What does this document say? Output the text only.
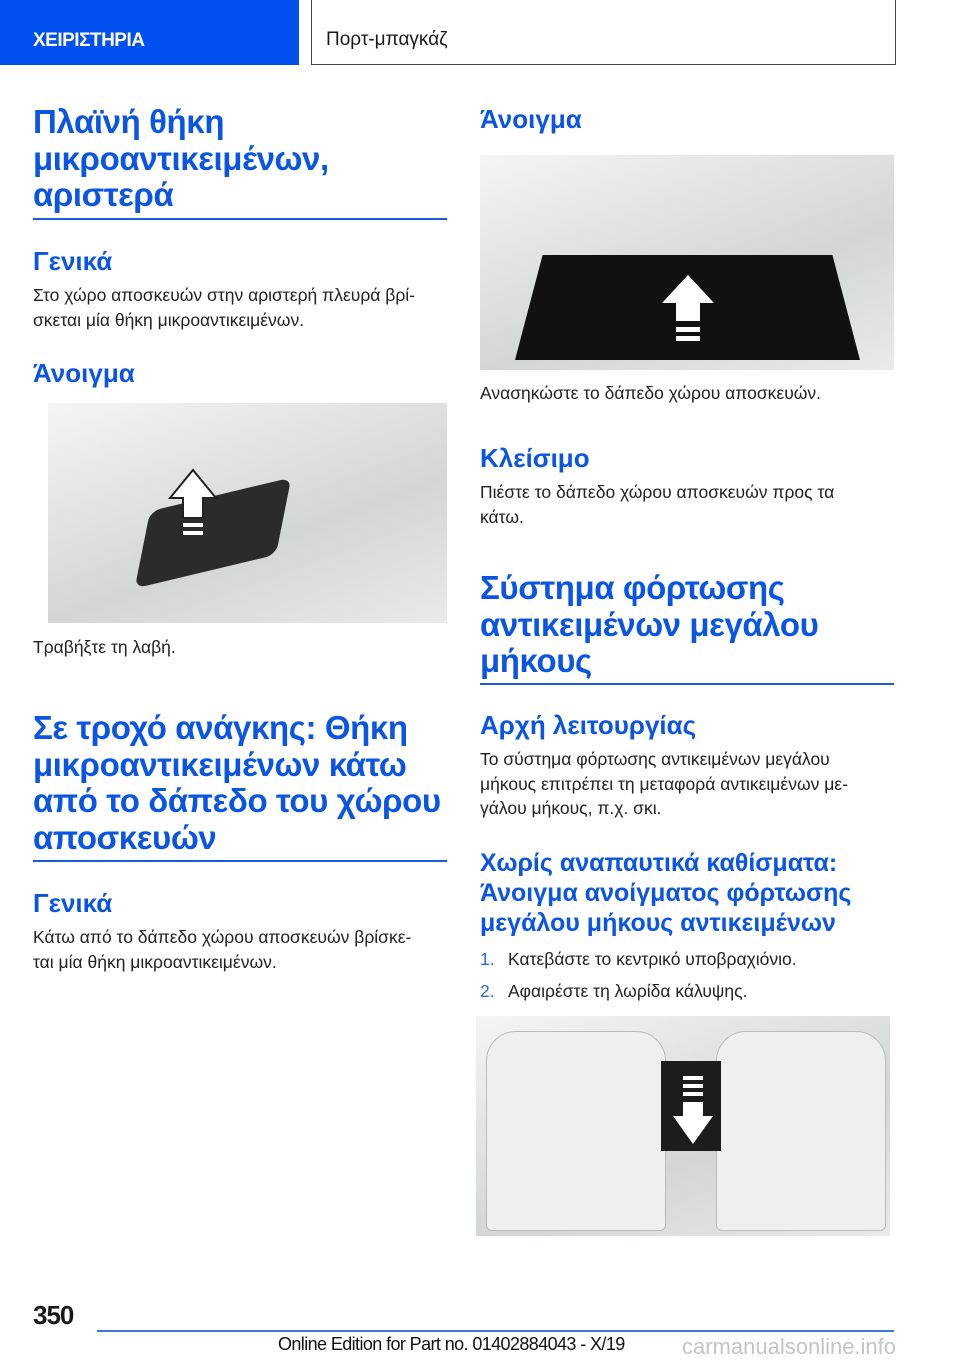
ΧΕΙΡΙΣΤΗΡΙΑ	Πορτ-μπαγκάζ
Πλαϊνή θήκη
μικροαντικειμένων,
αριστερά
Γενικά
Στο χώρο αποσκευών στην αριστερή πλευρά βρί-
σκεται μία θήκη μικροαντικειμένων.
Άνοιγμα
Τραβήξτε τη λαβή.
Σε τροχό ανάγκης: Θήκη
μικροαντικειμένων κάτω
από το δάπεδο του χώρου
αποσκευών
Γενικά
Κάτω από το δάπεδο χώρου αποσκευών βρίσκε-
ται μία θήκη μικροαντικειμένων.
Άνοιγμα
Ανασηκώστε το δάπεδο χώρου αποσκευών.
Κλείσιμο
Πιέστε το δάπεδο χώρου αποσκευών προς τα
κάτω.
Σύστημα φόρτωσης
αντικειμένων μεγάλου
μήκους
Αρχή λειτουργίας
Το σύστημα φόρτωσης αντικειμένων μεγάλου
μήκους επιτρέπει τη μεταφορά αντικειμένων με-
γάλου μήκους, π.χ. σκι.
Χωρίς αναπαυτικά καθίσματα:
Άνοιγμα ανοίγματος φόρτωσης
μεγάλου μήκους αντικειμένων
1. Κατεβάστε το κεντρικό υποβραχιόνιο.
2. Αφαιρέστε τη λωρίδα κάλυψης.
350
Online Edition for Part no. 01402884043 - X/19	carmanualsonline.info
